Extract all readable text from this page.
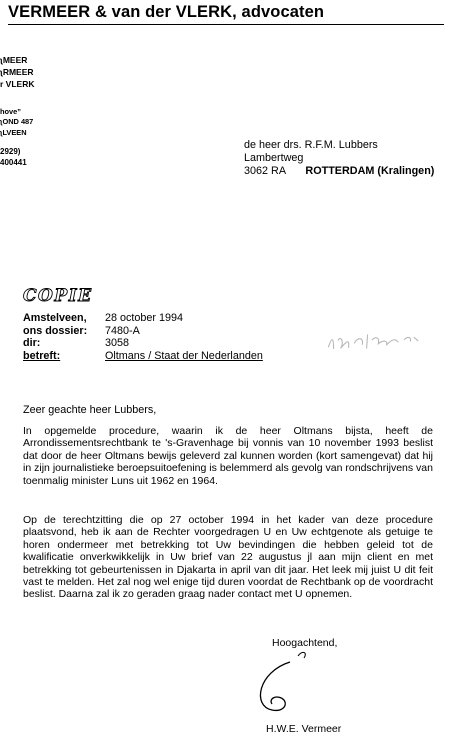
VERMEER & van der VLERK, advocaten
ʅMEER
ʅRMEER
r VLERK
hove”
ʅOND 487
ʅLVEEN
2929)
400441
de heer drs. R.F.M. Lubbers
Lambertweg
3062 RA ROTTERDAM (Kralingen)
COPIE
Amstelveen,	28 october 1994
ons dossier:	7480-A
dir:	3058
betreft:	Oltmans / Staat der Nederlanden
Zeer geachte heer Lubbers,
In opgemelde procedure, waarin ik de heer Oltmans bijsta, heeft de Arrondissementsrechtbank te 's-Gravenhage bij vonnis van 10 november 1993 beslist dat door de heer Oltmans bewijs geleverd zal kunnen worden (kort samengevat) dat hij in zijn journalistieke beroepsuitoefening is belemmerd als gevolg van rondschrijvens van toenmalig minister Luns uit 1962 en 1964.
Op de terechtzitting die op 27 october 1994 in het kader van deze procedure plaatsvond, heb ik aan de Rechter voorgedragen U en Uw echtgenote als getuige te horen ondermeer met betrekking tot Uw bevindingen die hebben geleid tot de kwalificatie onverkwikkelijk in Uw brief van 22 augustus jl aan mijn client en met betrekking tot gebeurtenissen in Djakarta in april van dit jaar. Het leek mij juist U dit feit vast te melden. Het zal nog wel enige tijd duren voordat de Rechtbank op de voordracht beslist. Daarna zal ik zo geraden graag nader contact met U opnemen.
Hoogachtend,
H.W.E. Vermeer
